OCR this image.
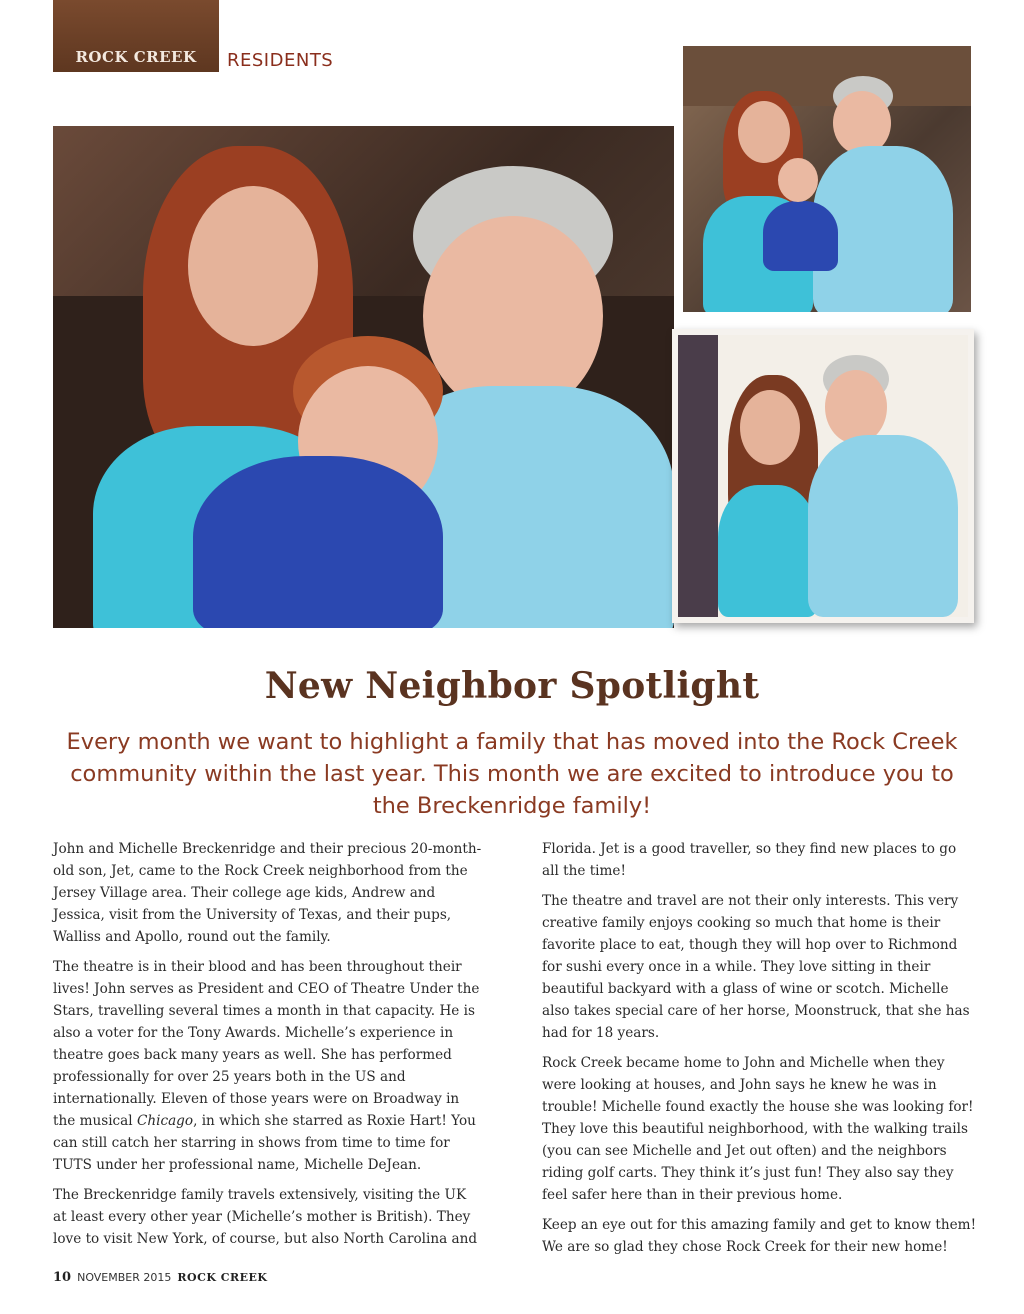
ROCK CREEK	RESIDENTS
New Neighbor Spotlight
Every month we want to highlight a family that has moved into the Rock Creek community within the last year. This month we are excited to introduce you to the Breckenridge family!

John and Michelle Breckenridge and their precious 20-month-old son, Jet, came to the Rock Creek neighborhood from the Jersey Village area. Their college age kids, Andrew and Jessica, visit from the University of Texas, and their pups, Walliss and Apollo, round out the family.

The theatre is in their blood and has been throughout their lives! John serves as President and CEO of Theatre Under the Stars, travelling several times a month in that capacity. He is also a voter for the Tony Awards. Michelle’s experience in theatre goes back many years as well. She has performed professionally for over 25 years both in the US and internationally. Eleven of those years were on Broadway in the musical Chicago, in which she starred as Roxie Hart! You can still catch her starring in shows from time to time for TUTS under her professional name, Michelle DeJean.

The Breckenridge family travels extensively, visiting the UK at least every other year (Michelle’s mother is British). They love to visit New York, of course, but also North Carolina and

Florida. Jet is a good traveller, so they find new places to go all the time!

The theatre and travel are not their only interests. This very creative family enjoys cooking so much that home is their favorite place to eat, though they will hop over to Richmond for sushi every once in a while. They love sitting in their beautiful backyard with a glass of wine or scotch. Michelle also takes special care of her horse, Moonstruck, that she has had for 18 years.

Rock Creek became home to John and Michelle when they were looking at houses, and John says he knew he was in trouble! Michelle found exactly the house she was looking for! They love this beautiful neighborhood, with the walking trails (you can see Michelle and Jet out often) and the neighbors riding golf carts. They think it’s just fun! They also say they feel safer here than in their previous home.

Keep an eye out for this amazing family and get to know them! We are so glad they chose Rock Creek for their new home!

10 NOVEMBER 2015 ROCK CREEK
